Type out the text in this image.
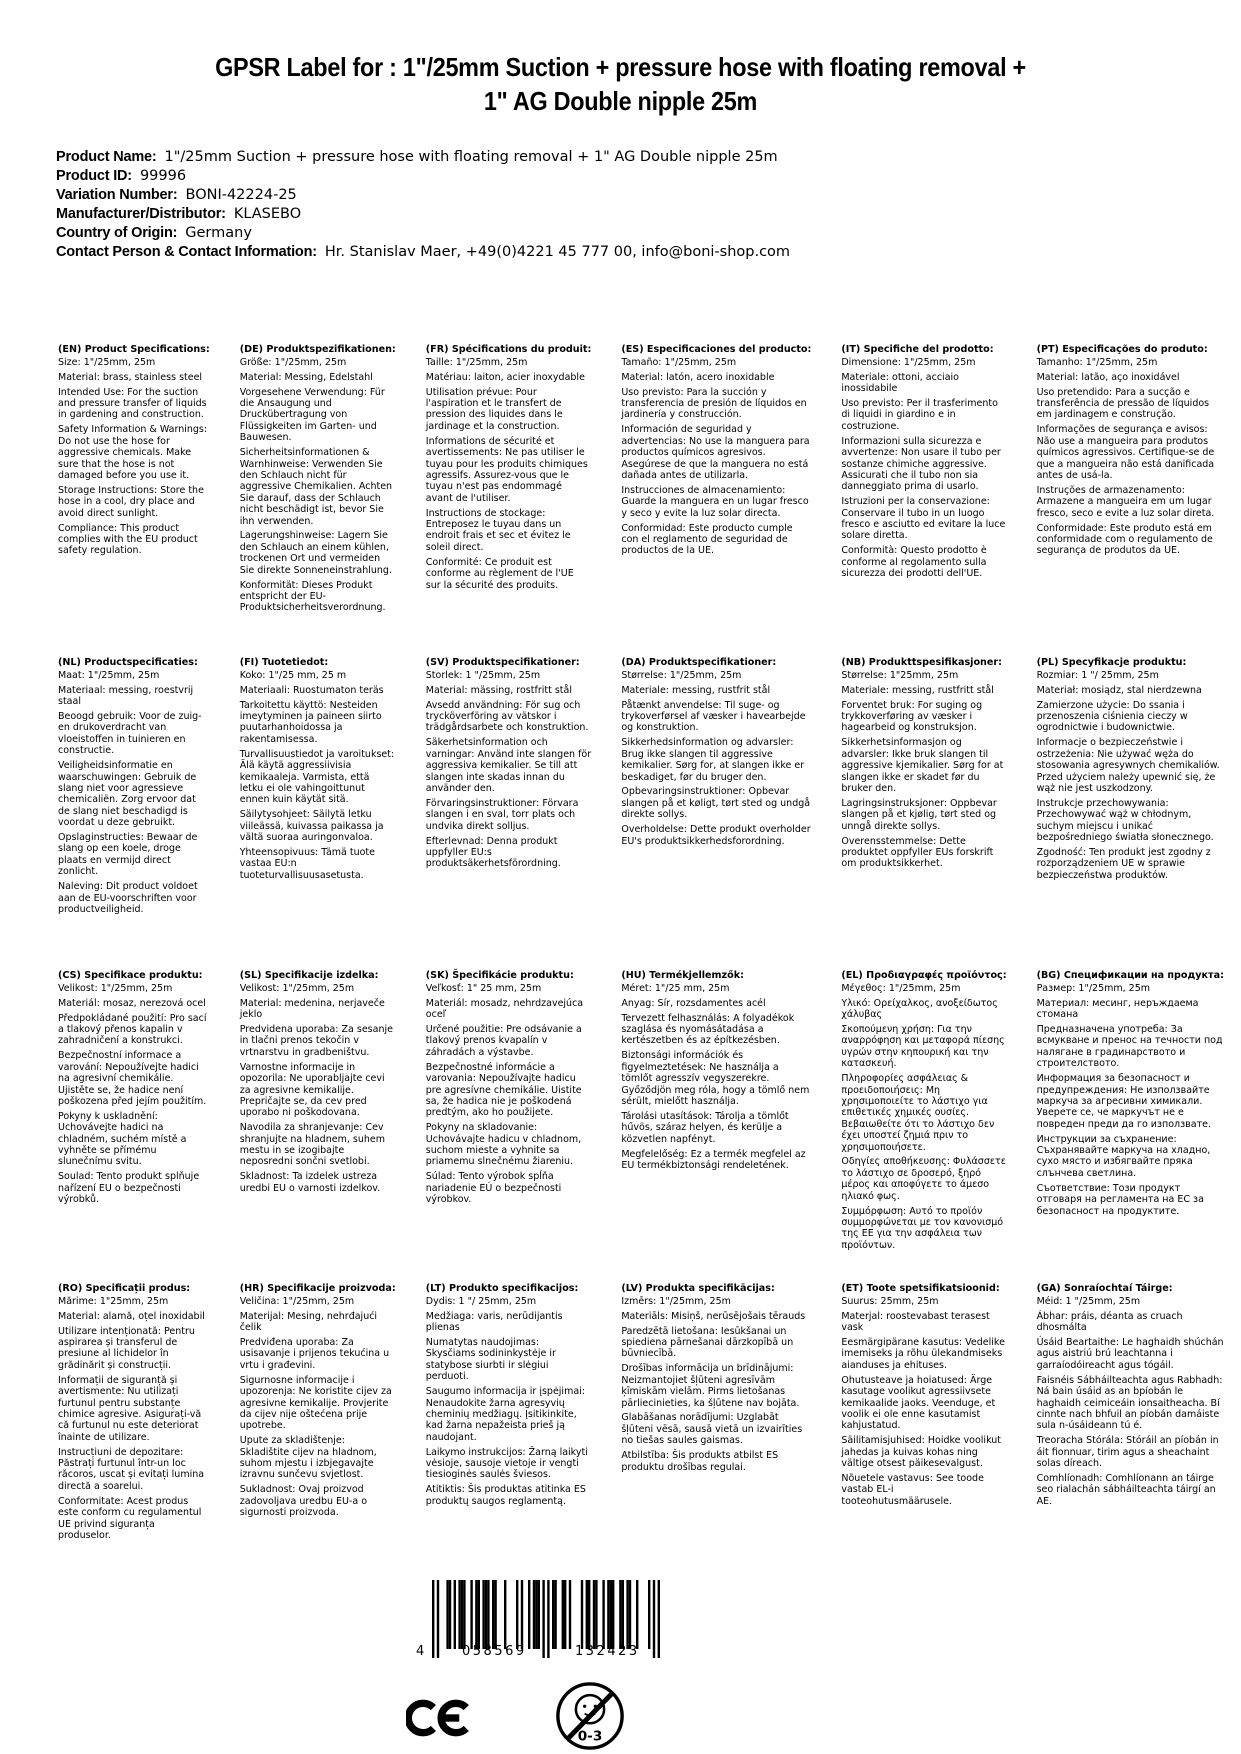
GPSR Label for : 1"/25mm Suction + pressure hose with floating removal + 1" AG Double nipple 25m
Product Name: 1"/25mm Suction + pressure hose with floating removal + 1" AG Double nipple 25m
Product ID: 99996
Variation Number: BONI-42224-25
Manufacturer/Distributor: KLASEBO
Country of Origin: Germany
Contact Person & Contact Information: Hr. Stanislav Maer, +49(0)4221 45 777 00, info@boni-shop.com
(EN) Product Specifications:

Size: 1"/25mm, 25m

Material: brass, stainless steel

Intended Use: For the suction and pressure transfer of liquids in gardening and construction.

Safety Information & Warnings: Do not use the hose for aggressive chemicals. Make sure that the hose is not damaged before you use it.

Storage Instructions: Store the hose in a cool, dry place and avoid direct sunlight.

Compliance: This product complies with the EU product safety regulation.

(DE) Produktspezifikationen:

Größe: 1"/25mm, 25m

Material: Messing, Edelstahl

Vorgesehene Verwendung: Für die Ansaugung und Druckübertragung von Flüssigkeiten im Garten- und Bauwesen.

Sicherheitsinformationen & Warnhinweise: Verwenden Sie den Schlauch nicht für aggressive Chemikalien. Achten Sie darauf, dass der Schlauch nicht beschädigt ist, bevor Sie ihn verwenden.

Lagerungshinweise: Lagern Sie den Schlauch an einem kühlen, trockenen Ort und vermeiden Sie direkte Sonneneinstrahlung.

Konformität: Dieses Produkt entspricht der EU-Produktsicherheitsverordnung.

(FR) Spécifications du produit:

Taille: 1"/25mm, 25m

Matériau: laiton, acier inoxydable

Utilisation prévue: Pour l'aspiration et le transfert de pression des liquides dans le jardinage et la construction.

Informations de sécurité et avertissements: Ne pas utiliser le tuyau pour les produits chimiques agressifs. Assurez-vous que le tuyau n'est pas endommagé avant de l'utiliser.

Instructions de stockage: Entreposez le tuyau dans un endroit frais et sec et évitez le soleil direct.

Conformité: Ce produit est conforme au règlement de l'UE sur la sécurité des produits.

(ES) Especificaciones del producto:

Tamaño: 1"/25mm, 25m

Material: latón, acero inoxidable

Uso previsto: Para la succión y transferencia de presión de líquidos en jardinería y construcción.

Información de seguridad y advertencias: No use la manguera para productos químicos agresivos. Asegúrese de que la manguera no está dañada antes de utilizarla.

Instrucciones de almacenamiento: Guarde la manguera en un lugar fresco y seco y evite la luz solar directa.

Conformidad: Este producto cumple con el reglamento de seguridad de productos de la UE.

(IT) Specifiche del prodotto:

Dimensione: 1"/25mm, 25m

Materiale: ottoni, acciaio inossidabile

Uso previsto: Per il trasferimento di liquidi in giardino e in costruzione.

Informazioni sulla sicurezza e avvertenze: Non usare il tubo per sostanze chimiche aggressive. Assicurati che il tubo non sia danneggiato prima di usarlo.

Istruzioni per la conservazione: Conservare il tubo in un luogo fresco e asciutto ed evitare la luce solare diretta.

Conformità: Questo prodotto è conforme al regolamento sulla sicurezza dei prodotti dell'UE.

(PT) Especificações do produto:

Tamanho: 1"/25mm, 25m

Material: latão, aço inoxidável

Uso pretendido: Para a sucção e transferência de pressão de líquidos em jardinagem e construção.

Informações de segurança e avisos: Não use a mangueira para produtos químicos agressivos. Certifique-se de que a mangueira não está danificada antes de usá-la.

Instruções de armazenamento: Armazene a mangueira em um lugar fresco, seco e evite a luz solar direta.

Conformidade: Este produto está em conformidade com o regulamento de segurança de produtos da UE.

(NL) Productspecificaties:

Maat: 1"/25mm, 25m

Materiaal: messing, roestvrij staal

Beoogd gebruik: Voor de zuig- en drukoverdracht van vloeistoffen in tuinieren en constructie.

Veiligheidsinformatie en waarschuwingen: Gebruik de slang niet voor agressieve chemicaliën. Zorg ervoor dat de slang niet beschadigd is voordat u deze gebruikt.

Opslaginstructies: Bewaar de slang op een koele, droge plaats en vermijd direct zonlicht.

Naleving: Dit product voldoet aan de EU-voorschriften voor productveiligheid.

(FI) Tuotetiedot:

Koko: 1"/25 mm, 25 m

Materiaali: Ruostumaton teräs

Tarkoitettu käyttö: Nesteiden imeytyminen ja paineen siirto puutarhanhoidossa ja rakentamisessa.

Turvallisuustiedot ja varoitukset: Älä käytä aggressiivisia kemikaaleja. Varmista, että letku ei ole vahingoittunut ennen kuin käytät sitä.

Säilytysohjeet: Säilytä letku viileässä, kuivassa paikassa ja vältä suoraa auringonvaloa.

Yhteensopivuus: Tämä tuote vastaa EU:n tuoteturvallisuusasetusta.

(SV) Produktspecifikationer:

Storlek: 1 "/25mm, 25m

Material: mässing, rostfritt stål

Avsedd användning: För sug och trycköverföring av vätskor i trädgårdsarbete och konstruktion.

Säkerhetsinformation och varningar: Använd inte slangen för aggressiva kemikalier. Se till att slangen inte skadas innan du använder den.

Förvaringsinstruktioner: Förvara slangen i en sval, torr plats och undvika direkt solljus.

Efterlevnad: Denna produkt uppfyller EU:s produktsäkerhetsförordning.

(DA) Produktspecifikationer:

Størrelse: 1"/25mm, 25m

Materiale: messing, rustfrit stål

Påtænkt anvendelse: Til suge- og trykoverførsel af væsker i havearbejde og konstruktion.

Sikkerhedsinformation og advarsler: Brug ikke slangen til aggressive kemikalier. Sørg for, at slangen ikke er beskadiget, før du bruger den.

Opbevaringsinstruktioner: Opbevar slangen på et køligt, tørt sted og undgå direkte sollys.

Overholdelse: Dette produkt overholder EU's produktsikkerhedsforordning.

(NB) Produkttspesifikasjoner:

Størrelse: 1"25mm, 25m

Materiale: messing, rustfritt stål

Forventet bruk: For suging og trykkoverføring av væsker i hagearbeid og konstruksjon.

Sikkerhetsinformasjon og advarsler: Ikke bruk slangen til aggressive kjemikalier. Sørg for at slangen ikke er skadet før du bruker den.

Lagringsinstruksjoner: Oppbevar slangen på et kjølig, tørt sted og unngå direkte sollys.

Overensstemmelse: Dette produktet oppfyller EUs forskrift om produktsikkerhet.

(PL) Specyfikacje produktu:

Rozmiar: 1 "/ 25mm, 25m

Materiał: mosiądz, stal nierdzewna

Zamierzone użycie: Do ssania i przenoszenia ciśnienia cieczy w ogrodnictwie i budownictwie.

Informacje o bezpieczeństwie i ostrzeżenia: Nie używać węża do stosowania agresywnych chemikaliów. Przed użyciem należy upewnić się, że wąż nie jest uszkodzony.

Instrukcje przechowywania: Przechowywać wąż w chłodnym, suchym miejscu i unikać bezpośredniego światła słonecznego.

Zgodność: Ten produkt jest zgodny z rozporządzeniem UE w sprawie bezpieczeństwa produktów.

(CS) Specifikace produktu:

Velikost: 1"/25mm, 25m

Materiál: mosaz, nerezová ocel

Předpokládané použití: Pro sací a tlakový přenos kapalin v zahradničení a konstrukci.

Bezpečnostní informace a varování: Nepoužívejte hadici na agresivní chemikálie. Ujistěte se, že hadice není poškozena před jejím použitím.

Pokyny k uskladnění: Uchovávejte hadici na chladném, suchém místě a vyhněte se přímému slunečnímu svitu.

Soulad: Tento produkt splňuje nařízení EU o bezpečnosti výrobků.

(SL) Specifikacije izdelka:

Velikost: 1"/25mm, 25m

Material: medenina, nerjaveče jeklo

Predvidena uporaba: Za sesanje in tlačni prenos tekočin v vrtnarstvu in gradbeništvu.

Varnostne informacije in opozorila: Ne uporabljajte cevi za agresivne kemikalije. Prepričajte se, da cev pred uporabo ni poškodovana.

Navodila za shranjevanje: Cev shranjujte na hladnem, suhem mestu in se izogibajte neposredni sončni svetlobi.

Skladnost: Ta izdelek ustreza uredbi EU o varnosti izdelkov.

(SK) Špecifikácie produktu:

Veľkosť: 1" 25 mm, 25m

Materiál: mosadz, nehrdzavejúca oceľ

Určené použitie: Pre odsávanie a tlakový prenos kvapalín v záhradách a výstavbe.

Bezpečnostné informácie a varovania: Nepoužívajte hadicu pre agresívne chemikálie. Uistite sa, že hadica nie je poškodená predtým, ako ho použijete.

Pokyny na skladovanie: Uchovávajte hadicu v chladnom, suchom mieste a vyhnite sa priamemu slnečnému žiareniu.

Súlad: Tento výrobok spĺňa nariadenie EÚ o bezpečnosti výrobkov.

(HU) Termékjellemzők:

Méret: 1"/25 mm, 25m

Anyag: Sír, rozsdamentes acél

Tervezett felhasználás: A folyadékok szaglása és nyomásátadása a kertészetben és az építkezésben.

Biztonsági információk és figyelmeztetések: Ne használja a tömlőt agresszív vegyszerekre. Győződjön meg róla, hogy a tömlő nem sérült, mielőtt használja.

Tárolási utasítások: Tárolja a tömlőt hűvös, száraz helyen, és kerülje a közvetlen napfényt.

Megfelelőség: Ez a termék megfelel az EU termékbiztonsági rendeletének.

(EL) Προδιαγραφές προϊόντος:

Μέγεθος: 1"/25mm, 25m

Υλικό: Ορείχαλκος, ανοξείδωτος χάλυβας

Σκοπούμενη χρήση: Για την αναρρόφηση και μεταφορά πίεσης υγρών στην κηπουρική και την κατασκευή.

Πληροφορίες ασφάλειας & προειδοποιήσεις: Μη χρησιμοποιείτε το λάστιχο για επιθετικές χημικές ουσίες. Βεβαιωθείτε ότι το λάστιχο δεν έχει υποστεί ζημιά πριν το χρησιμοποιήσετε.

Οδηγίες αποθήκευσης: Φυλάσσετε το λάστιχο σε δροσερό, ξηρό μέρος και αποφύγετε το άμεσο ηλιακό φως.

Συμμόρφωση: Αυτό το προϊόν συμμορφώνεται με τον κανονισμό της ΕΕ για την ασφάλεια των προϊόντων.

(BG) Спецификации на продукта:

Размер: 1"/25mm, 25m

Материал: месинг, неръждаема стомана

Предназначена употреба: За всмукване и пренос на течности под налягане в градинарството и строителството.

Информация за безопасност и предупреждения: Не използвайте маркуча за агресивни химикали. Уверете се, че маркучът не е повреден преди да го използвате.

Инструкции за съхранение: Съхранявайте маркуча на хладно, сухо място и избягвайте пряка слънчева светлина.

Съответствие: Този продукт отговаря на регламента на ЕС за безопасност на продуктите.

(RO) Specificații produs:

Mărime: 1"25mm, 25m

Material: alamă, oțel inoxidabil

Utilizare intenționată: Pentru aspirarea și transferul de presiune al lichidelor în grădinărit și construcții.

Informații de siguranță și avertismente: Nu utilizați furtunul pentru substanțe chimice agresive. Asigurați-vă că furtunul nu este deteriorat înainte de utilizare.

Instrucțiuni de depozitare: Păstrați furtunul într-un loc răcoros, uscat și evitați lumina directă a soarelui.

Conformitate: Acest produs este conform cu regulamentul UE privind siguranța produselor.

(HR) Specifikacije proizvoda:

Veličina: 1"/25mm, 25m

Materijal: Mesing, nehrđajući čelik

Predviđena uporaba: Za usisavanje i prijenos tekućina u vrtu i građevini.

Sigurnosne informacije i upozorenja: Ne koristite cijev za agresivne kemikalije. Provjerite da cijev nije oštećena prije upotrebe.

Upute za skladištenje: Skladištite cijev na hladnom, suhom mjestu i izbjegavajte izravnu sunčevu svjetlost.

Sukladnost: Ovaj proizvod zadovoljava uredbu EU-a o sigurnosti proizvoda.

(LT) Produkto specifikacijos:

Dydis: 1 "/ 25mm, 25m

Medžiaga: varis, nerūdijantis plienas

Numatytas naudojimas: Skysčiams sodininkystėje ir statybose siurbti ir slėgiui perduoti.

Saugumo informacija ir įspėjimai: Nenaudokite žarna agresyvių cheminių medžiagų. Įsitikinkite, kad žarna nepažeista prieš ją naudojant.

Laikymo instrukcijos: Žarną laikyti vėsioje, sausoje vietoje ir vengti tiesioginės saulės šviesos.

Atitiktis: Šis produktas atitinka ES produktų saugos reglamentą.

(LV) Produkta specifikācijas:

Izmērs: 1"/25mm, 25m

Materiāls: Misiņš, nerūsējošais tērauds

Paredzētā lietošana: Iesūkšanai un spiediena pārnešanai dārzkopībā un būvniecībā.

Drošības informācija un brīdinājumi: Neizmantojiet šļūteni agresīvām ķīmiskām vielām. Pirms lietošanas pārliecinieties, ka šļūtene nav bojāta.

Glabāšanas norādījumi: Uzglabāt šļūteni vēsā, sausā vietā un izvairīties no tiešas saules gaismas.

Atbilstība: Šis produkts atbilst ES produktu drošības regulai.

(ET) Toote spetsifikatsioonid:

Suurus: 25mm, 25m

Materjal: roostevabast terasest vask

Eesmärgipärane kasutus: Vedelike imemiseks ja rõhu ülekandmiseks aianduses ja ehituses.

Ohutusteave ja hoiatused: Ärge kasutage voolikut agressiivsete kemikaalide jaoks. Veenduge, et voolik ei ole enne kasutamist kahjustatud.

Säilitamisjuhised: Hoidke voolikut jahedas ja kuivas kohas ning vältige otsest päikesevalgust.

Nõuetele vastavus: See toode vastab EL-i tooteohutusmäärusele.

(GA) Sonraíochtaí Táirge:

Méid: 1 "/25mm, 25m

Ábhar: práis, déanta as cruach dhosmálta

Úsáid Beartaithe: Le haghaidh shúchán agus aistriú brú leachtanna i garraíodóireacht agus tógáil.

Faisnéis Sábháilteachta agus Rabhadh: Ná bain úsáid as an bpíobán le haghaidh ceimiceáin ionsaitheacha. Bí cinnte nach bhfuil an píobán damáiste sula n-úsáideann tú é.

Treoracha Stórála: Stóráil an píobán in áit fionnuar, tirim agus a sheachaint solas díreach.

Comhlíonadh: Comhlíonann an táirge seo rialachán sábháilteachta táirgí an AE.

4	058569	132423
0-3
